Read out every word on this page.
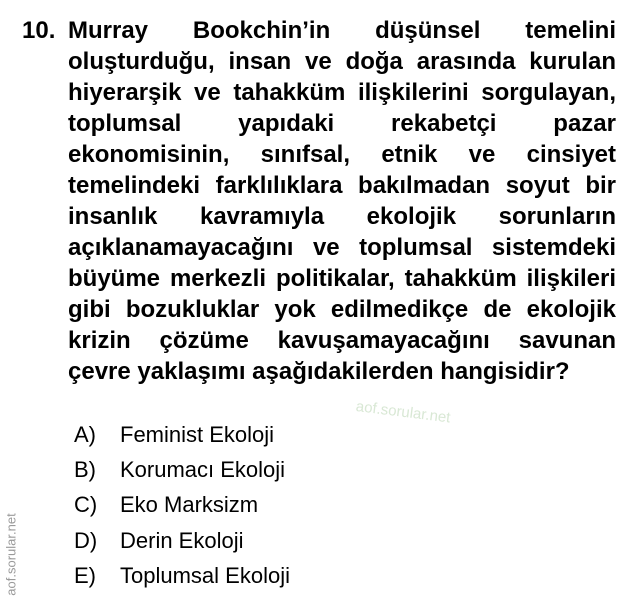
10. Murray Bookchin’in düşünsel temelini oluşturduğu, insan ve doğa arasında kurulan hiyerarşik ve tahakküm ilişkilerini sorgulayan, toplumsal yapıdaki rekabetçi pazar ekonomisinin, sınıfsal, etnik ve cinsiyet temelindeki farklılıklara bakılmadan soyut bir insanlık kavramıyla ekolojik sorunların açıklanamayacağını ve toplumsal sistemdeki büyüme merkezli politikalar, tahakküm ilişkileri gibi bozukluklar yok edilmedikçe de ekolojik krizin çözüme kavuşamayacağını savunan çevre yaklaşımı aşağıdakilerden hangisidir?

aof.sorular.net
aof.sorular.net
A)	Feminist Ekoloji
B)	Korumacı Ekoloji
C)	Eko Marksizm
D)	Derin Ekoloji
E)	Toplumsal Ekoloji
